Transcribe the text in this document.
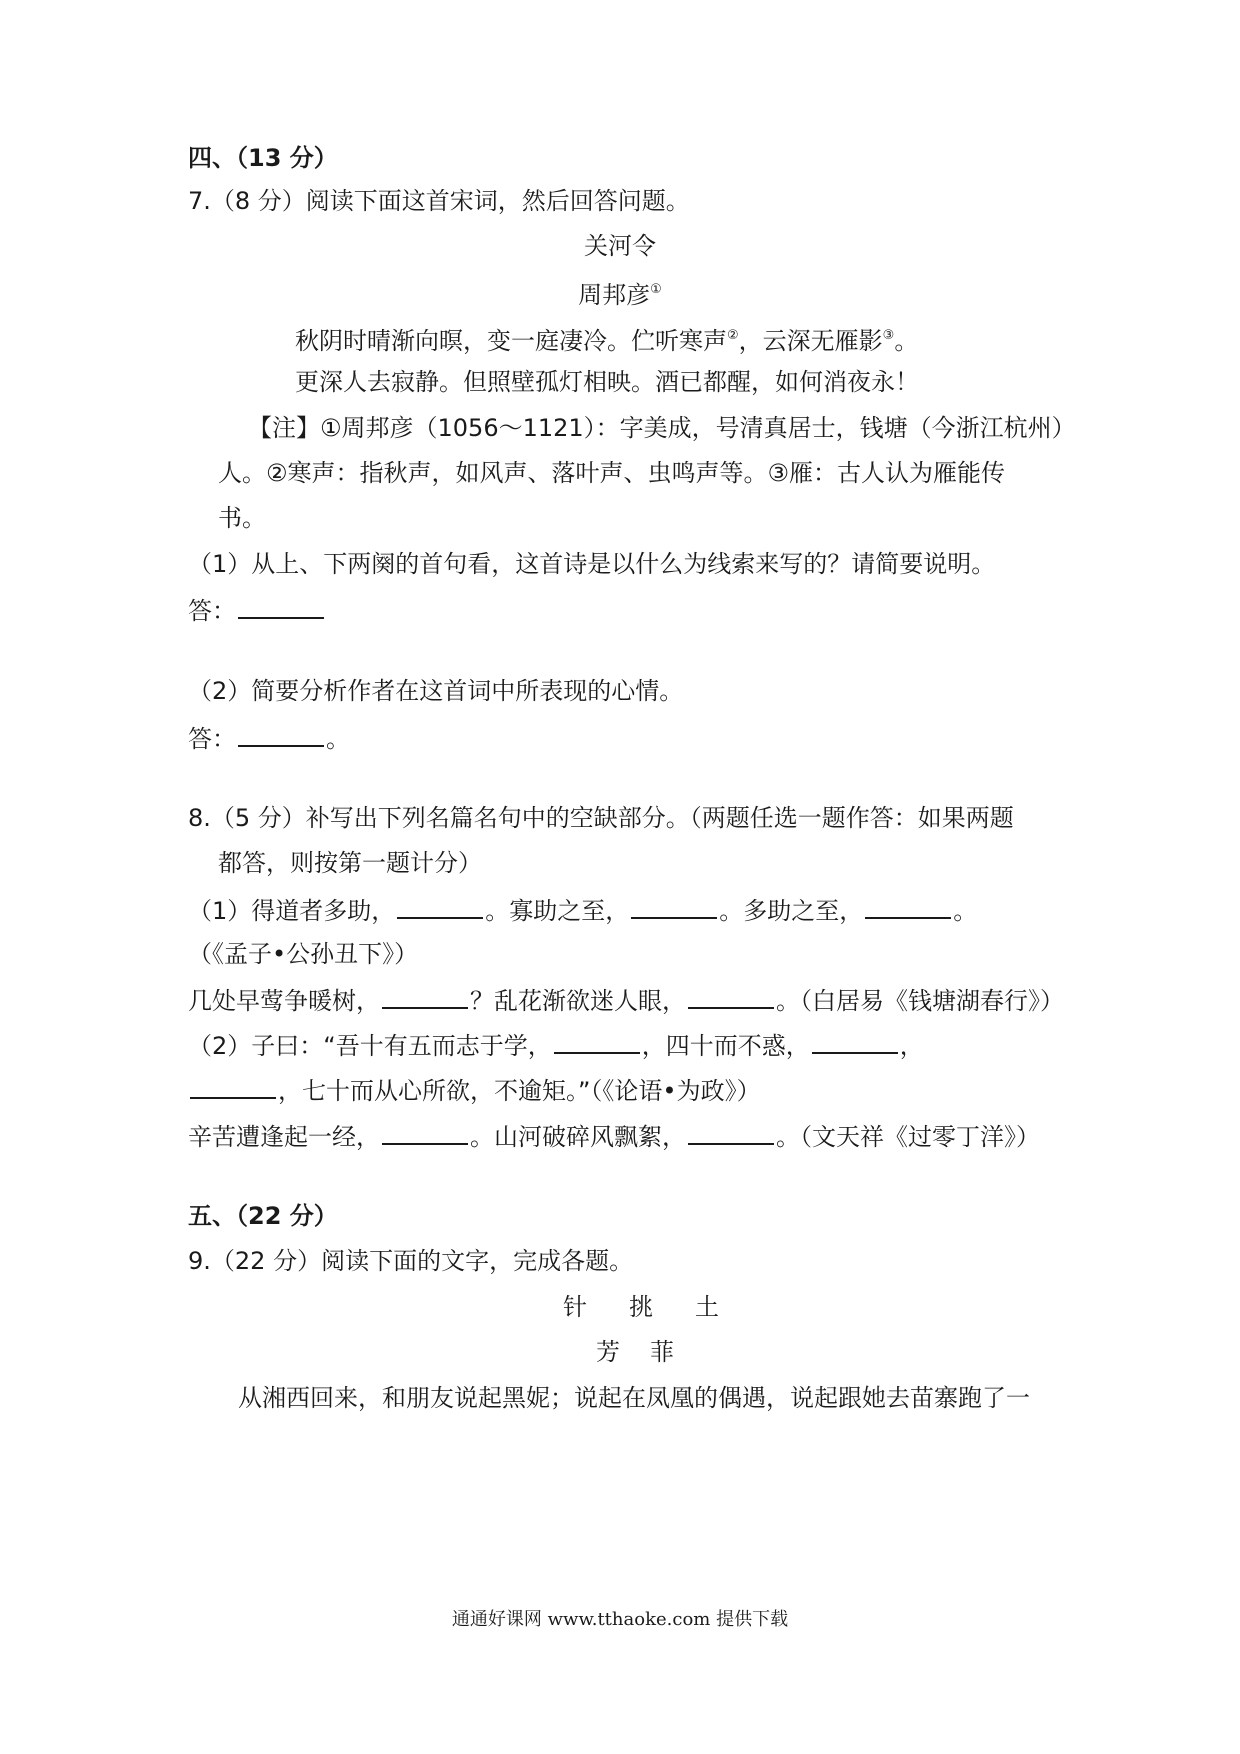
四、（13 分）
7.（8 分）阅读下面这首宋词，然后回答问题。
关河令
周邦彦①
秋阴时晴渐向暝，变一庭凄冷。伫听寒声②，云深无雁影③。
更深人去寂静。但照壁孤灯相映。酒已都醒，如何消夜永！
【注】①周邦彦（1056～1121）：字美成，号清真居士，钱塘（今浙江杭州）
人。②寒声：指秋声，如风声、落叶声、虫鸣声等。③雁：古人认为雁能传
书。
（1）从上、下两阕的首句看，这首诗是以什么为线索来写的？请简要说明。
答：
（2）简要分析作者在这首词中所表现的心情。
答：	。
8.（5 分）补写出下列名篇名句中的空缺部分。（两题任选一题作答：如果两题
都答，则按第一题计分）
（1）得道者多助，	。寡助之至，	。多助之至，	。
（《孟子•公孙丑下》）
几处早莺争暖树，	？乱花渐欲迷人眼，	。（白居易《钱塘湖春行》）
（2）子曰：“吾十有五而志于学，	，四十而不惑，	，
，七十而从心所欲，不逾矩。”（《论语•为政》）
辛苦遭逢起一经，	。山河破碎风飘絮，	。（文天祥《过零丁洋》）
五、（22 分）
9.（22 分）阅读下面的文字，完成各题。
针挑土
芳菲
从湘西回来，和朋友说起黑妮；说起在凤凰的偶遇，说起跟她去苗寨跑了一
通通好课网 www.tthaoke.com 提供下载
